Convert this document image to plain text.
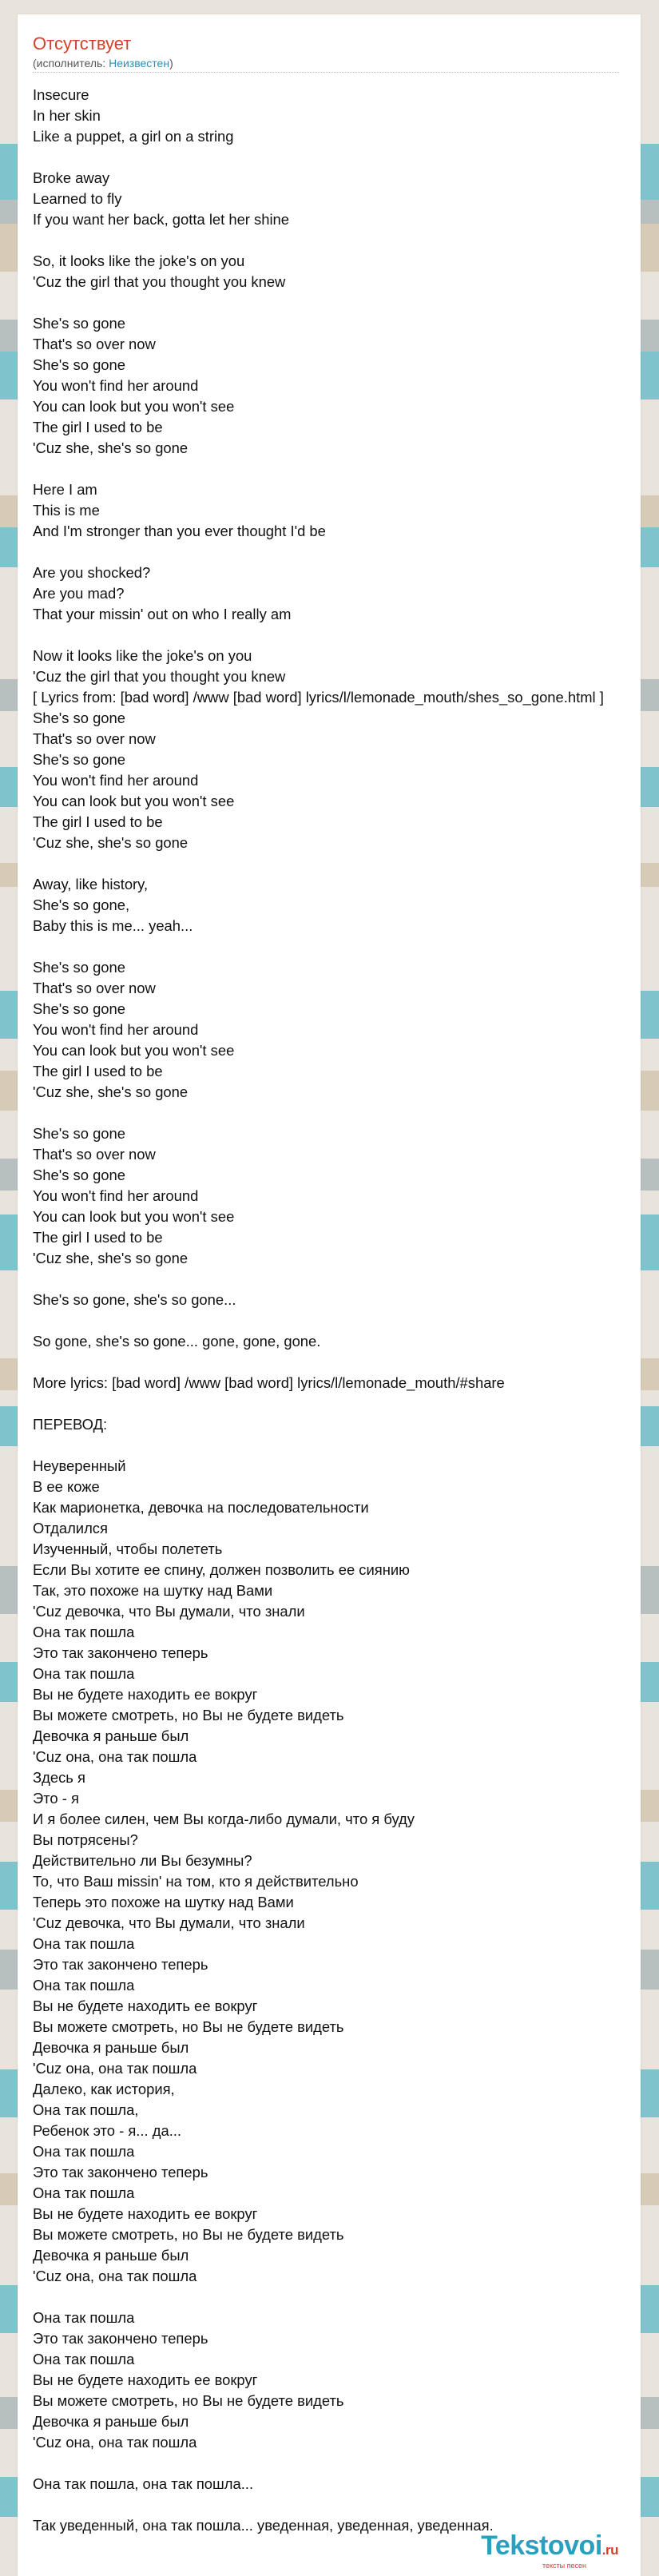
Отсутствует
(исполнитель: Неизвестен)
Insecure
In her skin
Like a puppet, a girl on a string
Broke away
Learned to fly
If you want her back, gotta let her shine
So, it looks like the joke's on you
'Cuz the girl that you thought you knew
She's so gone
That's so over now
She's so gone
You won't find her around
You can look but you won't see
The girl I used to be
'Cuz she, she's so gone
Here I am
This is me
And I'm stronger than you ever thought I'd be
Are you shocked?
Are you mad?
That your missin' out on who I really am
Now it looks like the joke's on you
'Cuz the girl that you thought you knew
[ Lyrics from: [bad word] /www [bad word] lyrics/l/lemonade_mouth/shes_so_gone.html ]
She's so gone
That's so over now
She's so gone
You won't find her around
You can look but you won't see
The girl I used to be
'Cuz she, she's so gone
Away, like history,
She's so gone,
Baby this is me... yeah...
She's so gone
That's so over now
She's so gone
You won't find her around
You can look but you won't see
The girl I used to be
'Cuz she, she's so gone
She's so gone
That's so over now
She's so gone
You won't find her around
You can look but you won't see
The girl I used to be
'Cuz she, she's so gone
She's so gone, she's so gone...
So gone, she's so gone... gone, gone, gone.
More lyrics: [bad word] /www [bad word] lyrics/l/lemonade_mouth/#share
ПЕРЕВОД:
Неуверенный
В ее коже
Как марионетка, девочка на последовательности
Отдалился
Изученный, чтобы полететь
Если Вы хотите ее спину, должен позволить ее сиянию
Так, это похоже на шутку над Вами
'Cuz девочка, что Вы думали, что знали
Она так пошла
Это так закончено теперь
Она так пошла
Вы не будете находить ее вокруг
Вы можете смотреть, но Вы не будете видеть
Девочка я раньше был
'Cuz она, она так пошла
Здесь я
Это - я
И я более силен, чем Вы когда-либо думали, что я буду
Вы потрясены?
Действительно ли Вы безумны?
То, что Ваш missin' на том, кто я действительно
Теперь это похоже на шутку над Вами
'Cuz девочка, что Вы думали, что знали
Она так пошла
Это так закончено теперь
Она так пошла
Вы не будете находить ее вокруг
Вы можете смотреть, но Вы не будете видеть
Девочка я раньше был
'Cuz она, она так пошла
Далеко, как история,
Она так пошла,
Ребенок это - я... да...
Она так пошла
Это так закончено теперь
Она так пошла
Вы не будете находить ее вокруг
Вы можете смотреть, но Вы не будете видеть
Девочка я раньше был
'Cuz она, она так пошла
Она так пошла
Это так закончено теперь
Она так пошла
Вы не будете находить ее вокруг
Вы можете смотреть, но Вы не будете видеть
Девочка я раньше был
'Cuz она, она так пошла
Она так пошла, она так пошла...
Так уведенный, она так пошла... уведенная, уведенная, уведенная.
Tekstovoi.ru
тексты песен
